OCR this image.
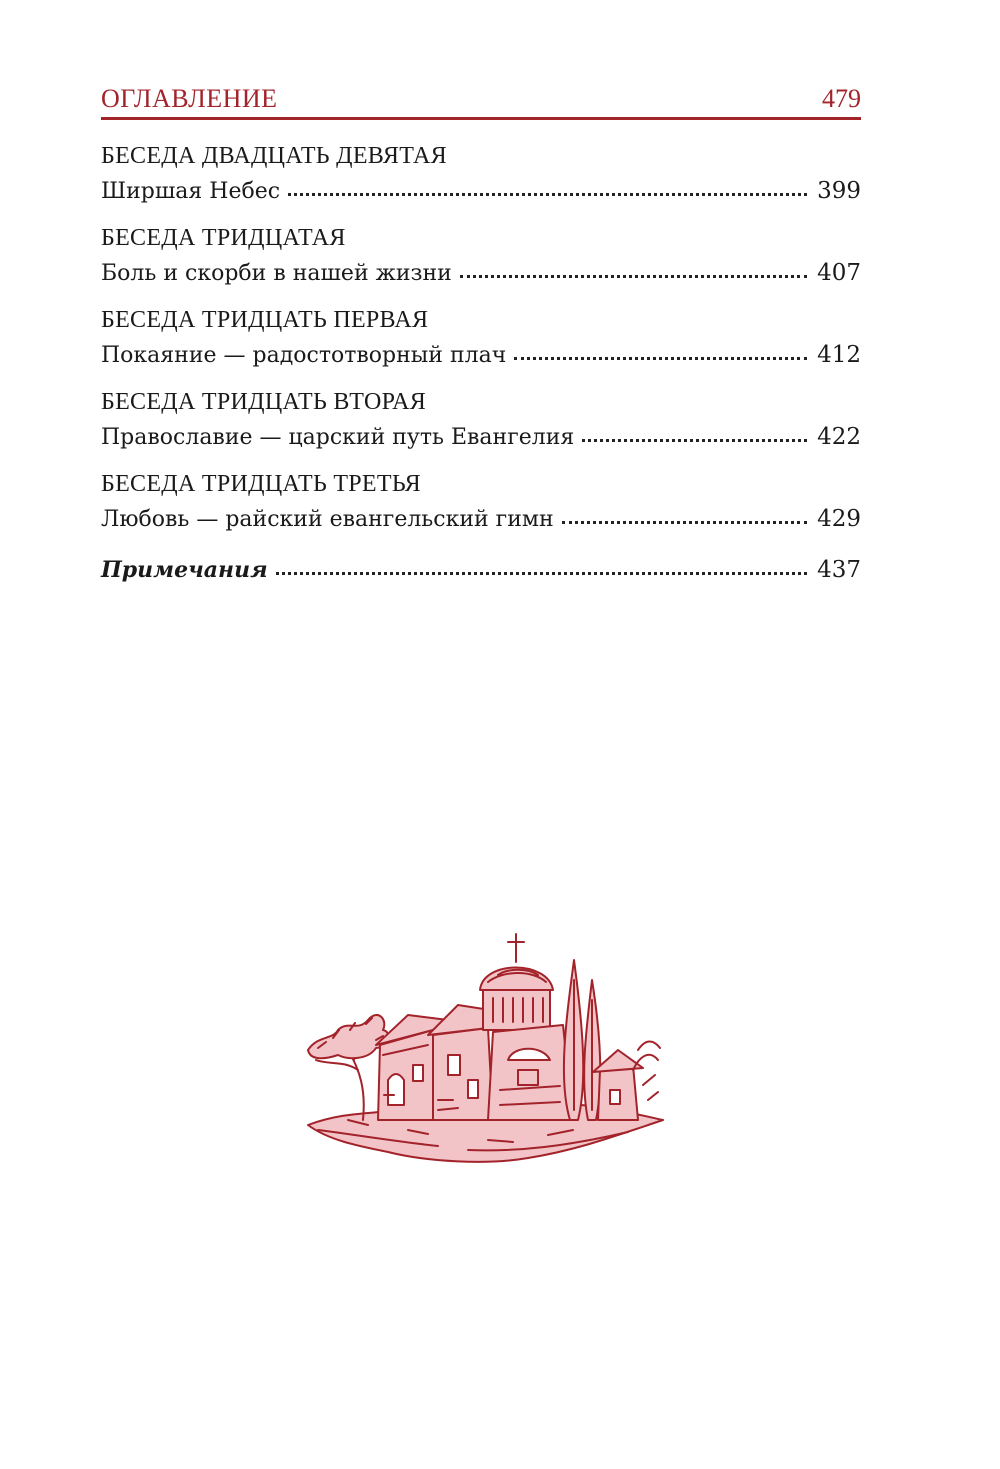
ОГЛАВЛЕНИЕ	479
БЕСЕДА ДВАДЦАТЬ ДЕВЯТАЯ
Ширшая Небес	399
БЕСЕДА ТРИДЦАТАЯ
Боль и скорби в нашей жизни	407
БЕСЕДА ТРИДЦАТЬ ПЕРВАЯ
Покаяние — радостотворный плач	412
БЕСЕДА ТРИДЦАТЬ ВТОРАЯ
Православие — царский путь Евангелия	422
БЕСЕДА ТРИДЦАТЬ ТРЕТЬЯ
Любовь — райский евангельский гимн	429
Примечания	437
